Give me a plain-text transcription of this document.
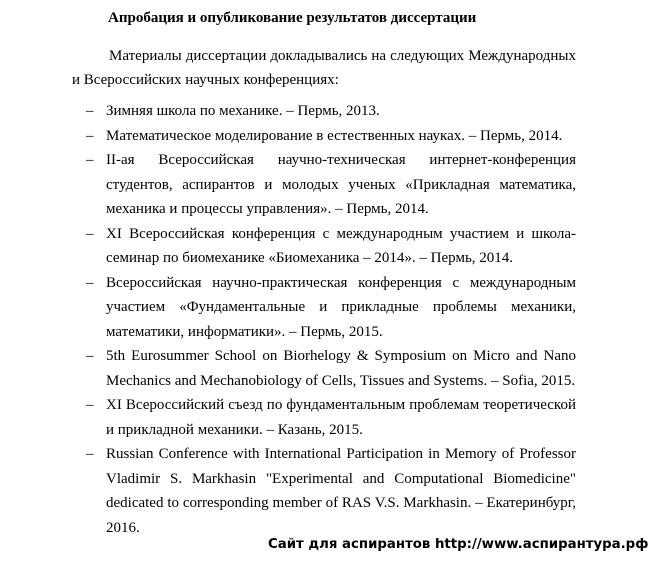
Апробация и опубликование результатов диссертации
Материалы диссертации докладывались на следующих Международных и Всероссийских научных конференциях:
– Зимняя школа по механике. – Пермь, 2013.
– Математическое моделирование в естественных науках. – Пермь, 2014.
– II-ая Всероссийская научно-техническая интернет-конференция студентов, аспирантов и молодых ученых «Прикладная математика, механика и процессы управления». – Пермь, 2014.
– XI Всероссийская конференция с международным участием и школа-семинар по биомеханике «Биомеханика – 2014». – Пермь, 2014.
– Всероссийская научно-практическая конференция с международным участием «Фундаментальные и прикладные проблемы механики, математики, информатики». – Пермь, 2015.
– 5th Eurosummer School on Biorhelogy & Symposium on Micro and Nano Mechanics and Mechanobiology of Cells, Tissues and Systems. – Sofia, 2015.
– XI Всероссийский съезд по фундаментальным проблемам теоретической и прикладной механики. – Казань, 2015.
– Russian Conference with International Participation in Memory of Professor Vladimir S. Markhasin "Experimental and Computational Biomedicine" dedicated to corresponding member of RAS V.S. Markhasin. – Екатеринбург, 2016.
Сайт для аспирантов http://www.аспирантура.рф
